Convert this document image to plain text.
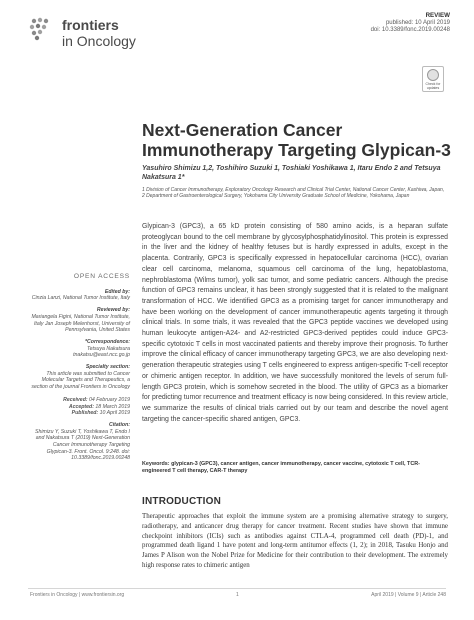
frontiers
in Oncology
REVIEW
published: 10 April 2019
doi: 10.3389/fonc.2019.00248
Check for updates
Next-Generation Cancer Immunotherapy Targeting Glypican-3
Yasuhiro Shimizu 1,2, Toshihiro Suzuki 1, Toshiaki Yoshikawa 1, Itaru Endo 2 and Tetsuya Nakatsura 1*
1 Division of Cancer Immunotherapy, Exploratory Oncology Research and Clinical Trial Center, National Cancer Center, Kashiwa, Japan, 2 Department of Gastroenterological Surgery, Yokohama City University Graduate School of Medicine, Yokohama, Japan
Glypican-3 (GPC3), a 65 kD protein consisting of 580 amino acids, is a heparan sulfate proteoglycan bound to the cell membrane by glycosylphosphatidylinositol. This protein is expressed in the liver and the kidney of healthy fetuses but is hardly expressed in adults, except in the placenta. Contrarily, GPC3 is specifically expressed in hepatocellular carcinoma (HCC), ovarian clear cell carcinoma, melanoma, squamous cell carcinoma of the lung, hepatoblastoma, nephroblastoma (Wilms tumor), yolk sac tumor, and some pediatric cancers. Although the precise function of GPC3 remains unclear, it has been strongly suggested that it is related to the malignant transformation of HCC. We identified GPC3 as a promising target for cancer immunotherapy and have been working on the development of cancer immunotherapeutic agents targeting it through clinical trials. In some trials, it was revealed that the GPC3 peptide vaccines we developed using human leukocyte antigen-A24- and A2-restricted GPC3-derived peptides could induce GPC3-specific cytotoxic T cells in most vaccinated patients and thereby improve their prognosis. To further improve the clinical efficacy of cancer immunotherapy targeting GPC3, we are also developing next-generation therapeutic strategies using T cells engineered to express antigen-specific T-cell receptor or chimeric antigen receptor. In addition, we have successfully monitored the levels of serum full-length GPC3 protein, which is somehow secreted in the blood. The utility of GPC3 as a biomarker for predicting tumor recurrence and treatment efficacy is now being considered. In this review article, we summarize the results of clinical trials carried out by our team and describe the novel agent targeting the cancer-specific shared antigen, GPC3.
Keywords: glypican-3 (GPC3), cancer antigen, cancer immunotherapy, cancer vaccine, cytotoxic T cell, TCR-engineered T cell therapy, CAR-T therapy
INTRODUCTION
Therapeutic approaches that exploit the immune system are a promising alternative strategy to surgery, radiotherapy, and anticancer drug therapy for cancer treatment. Recent studies have shown that immune checkpoint inhibitors (ICIs) such as antibodies against CTLA-4, programmed cell death (PD)-1, and programmed death ligand 1 have potent and long-term antitumor effects (1, 2); in 2018, Tasuku Honjo and James P Alison won the Nobel Prize for Medicine for their contribution to their development. The extremely high response rates to chimeric antigen
OPEN ACCESS
Edited by:
Cinzia Lanzi, National Tumor Institute, Italy
Reviewed by:
Mariangela Figini, National Tumor Institute, Italy Jan Joseph Melenhorst, University of Pennsylvania, United States
*Correspondence:
Tetsuya Nakatsura tnakatsu@east.ncc.go.jp
Specialty section:
This article was submitted to Cancer Molecular Targets and Therapeutics, a section of the journal Frontiers in Oncology
Received: 04 February 2019
Accepted: 18 March 2019
Published: 10 April 2019
Citation:
Shimizu Y, Suzuki T, Yoshikawa T, Endo I and Nakatsura T (2019) Next-Generation Cancer Immunotherapy Targeting Glypican-3. Front. Oncol. 9:248. doi: 10.3389/fonc.2019.00248
Frontiers in Oncology | www.frontiersin.org	1	April 2019 | Volume 9 | Article 248
